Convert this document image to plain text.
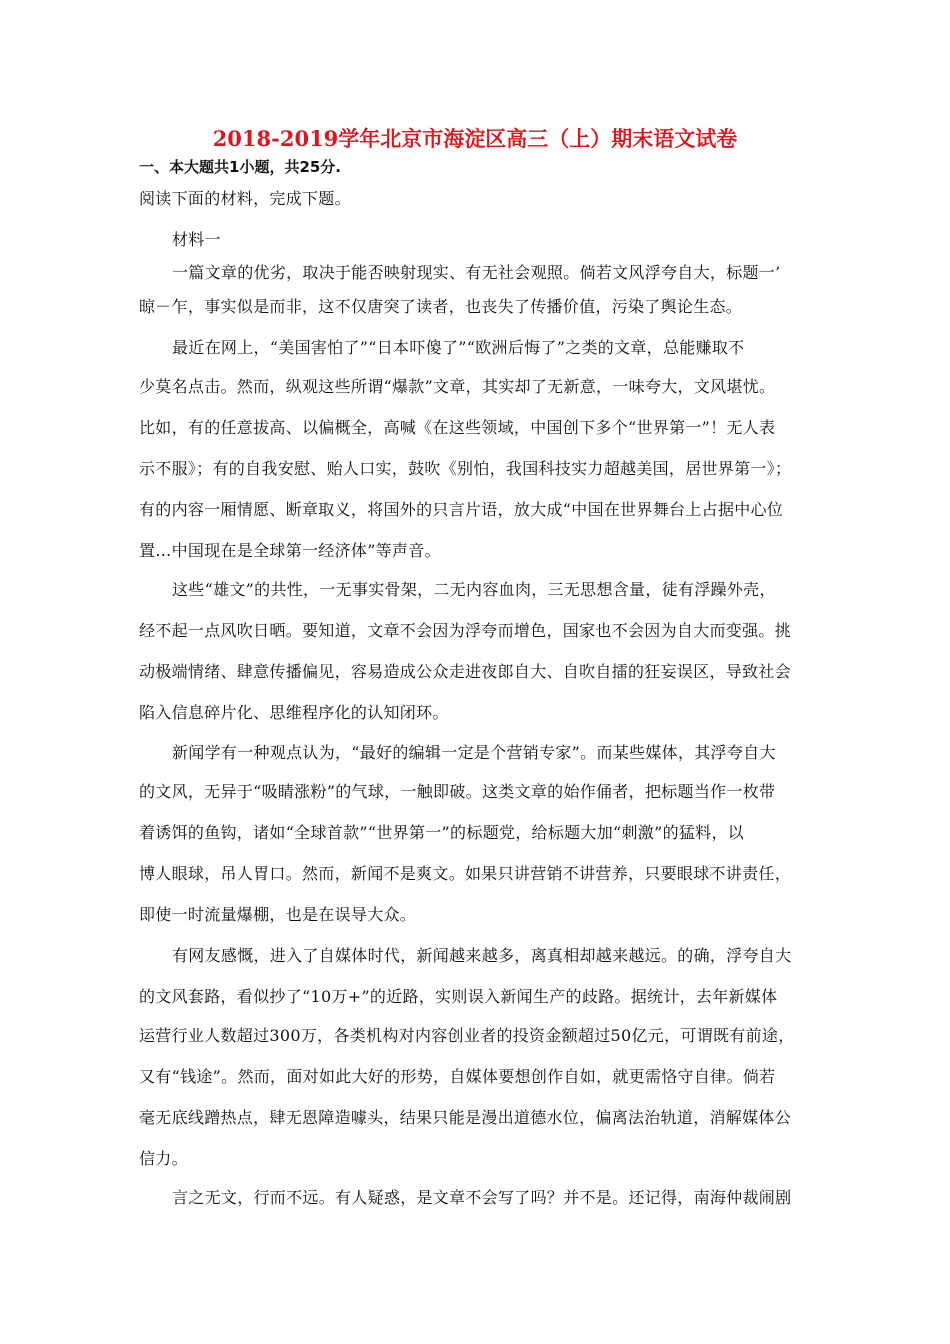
2018-2019学年北京市海淀区高三（上）期末语文试卷
一、本大题共1小题，共25分.
阅读下面的材料，完成下题。
材料一
一篇文章的优劣，取决于能否映射现实、有无社会观照。倘若文风浮夸自大，标题一’
晾－乍，事实似是而非，这不仅唐突了读者，也丧失了传播价值，污染了舆论生态。
最近在网上，“美国害怕了”“日本吓傻了”“欧洲后悔了”之类的文章，总能赚取不
少莫名点击。然而，纵观这些所谓“爆款”文章，其实却了无新意，一味夸大，文风堪忧。
比如，有的任意拔高、以偏概全，高喊《在这些领域，中国创下多个“世界第一”！无人表
示不服》；有的自我安慰、贻人口实，鼓吹《别怕，我国科技实力超越美国，居世界第一》；
有的内容一厢情愿、断章取义，将国外的只言片语，放大成“中国在世界舞台上占据中心位
置…中国现在是全球第一经济体”等声音。
这些“雄文”的共性，一无事实骨架，二无内容血肉，三无思想含量，徒有浮躁外壳，
经不起一点风吹日晒。要知道，文章不会因为浮夸而增色，国家也不会因为自大而变强。挑
动极端情绪、肆意传播偏见，容易造成公众走进夜郎自大、自吹自擂的狂妄误区，导致社会
陷入信息碎片化、思维程序化的认知闭环。
新闻学有一种观点认为，“最好的编辑一定是个营销专家”。而某些媒体，其浮夸自大
的文风，无异于“吸睛涨粉”的气球，一触即破。这类文章的始作俑者，把标题当作一枚带
着诱饵的鱼钩，诸如“全球首款”“世界第一”的标题党，给标题大加“刺激”的猛料，以
博人眼球，吊人胃口。然而，新闻不是爽文。如果只讲营销不讲营养，只要眼球不讲责任，
即使一时流量爆棚，也是在误导大众。
有网友感慨，进入了自媒体时代，新闻越来越多，离真相却越来越远。的确，浮夸自大
的文风套路，看似抄了“10万+”的近路，实则误入新闻生产的歧路。据统计，去年新媒体
运营行业人数超过300万，各类机构对内容创业者的投资金额超过50亿元，可谓既有前途，
又有“钱途”。然而，面对如此大好的形势，自媒体要想创作自如，就更需恪守自律。倘若
毫无底线蹭热点，肆无恩障造噱头，结果只能是漫出道德水位，偏离法治轨道，消解媒体公
信力。
言之无文，行而不远。有人疑惑，是文章不会写了吗？并不是。还记得，南海仲裁闹剧
